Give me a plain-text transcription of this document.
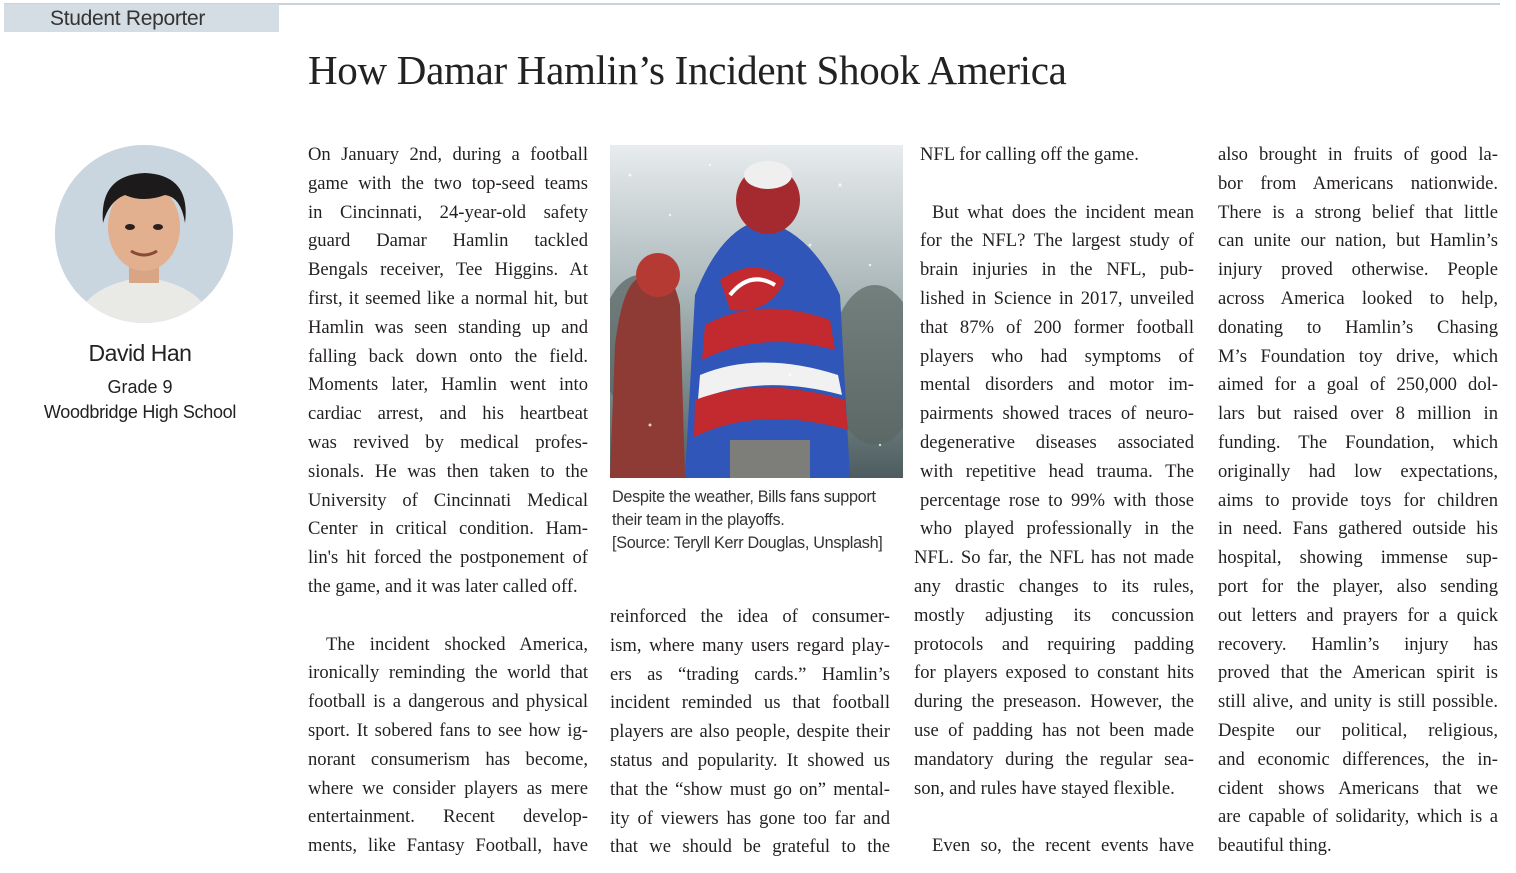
Student Reporter
How Damar Hamlin’s Incident Shook America
David Han
Grade 9
Woodbridge High School
On January 2nd, during a football
game with the two top-seed teams
in Cincinnati, 24-year-old safety
guard Damar Hamlin tackled
Bengals receiver, Tee Higgins. At
first, it seemed like a normal hit, but
Hamlin was seen standing up and
falling back down onto the field.
Moments later, Hamlin went into
cardiac arrest, and his heartbeat
was revived by medical profes-
sionals. He was then taken to the
University of Cincinnati Medical
Center in critical condition. Ham-
lin's hit forced the postponement of
the game, and it was later called off.
The incident shocked America,
ironically reminding the world that
football is a dangerous and physical
sport. It sobered fans to see how ig-
norant consumerism has become,
where we consider players as mere
entertainment. Recent develop-
ments, like Fantasy Football, have
Despite the weather, Bills fans support
their team in the playoffs.
[Source: Teryll Kerr Douglas, Unsplash]
reinforced the idea of consumer-
ism, where many users regard play-
ers as “trading cards.” Hamlin’s
incident reminded us that football
players are also people, despite their
status and popularity. It showed us
that the “show must go on” mental-
ity of viewers has gone too far and
that we should be grateful to the
NFL for calling off the game.
But what does the incident mean
for the NFL? The largest study of
brain injuries in the NFL, pub-
lished in Science in 2017, unveiled
that 87% of 200 former football
players who had symptoms of
mental disorders and motor im-
pairments showed traces of neuro-
degenerative diseases associated
with repetitive head trauma. The
percentage rose to 99% with those
who played professionally in the
NFL. So far, the NFL has not made
any drastic changes to its rules,
mostly adjusting its concussion
protocols and requiring padding
for players exposed to constant hits
during the preseason. However, the
use of padding has not been made
mandatory during the regular sea-
son, and rules have stayed flexible.
Even so, the recent events have
also brought in fruits of good la-
bor from Americans nationwide.
There is a strong belief that little
can unite our nation, but Hamlin’s
injury proved otherwise. People
across America looked to help,
donating to Hamlin’s Chasing
M’s Foundation toy drive, which
aimed for a goal of 250,000 dol-
lars but raised over 8 million in
funding. The Foundation, which
originally had low expectations,
aims to provide toys for children
in need. Fans gathered outside his
hospital, showing immense sup-
port for the player, also sending
out letters and prayers for a quick
recovery. Hamlin’s injury has
proved that the American spirit is
still alive, and unity is still possible.
Despite our political, religious,
and economic differences, the in-
cident shows Americans that we
are capable of solidarity, which is a
beautiful thing.
